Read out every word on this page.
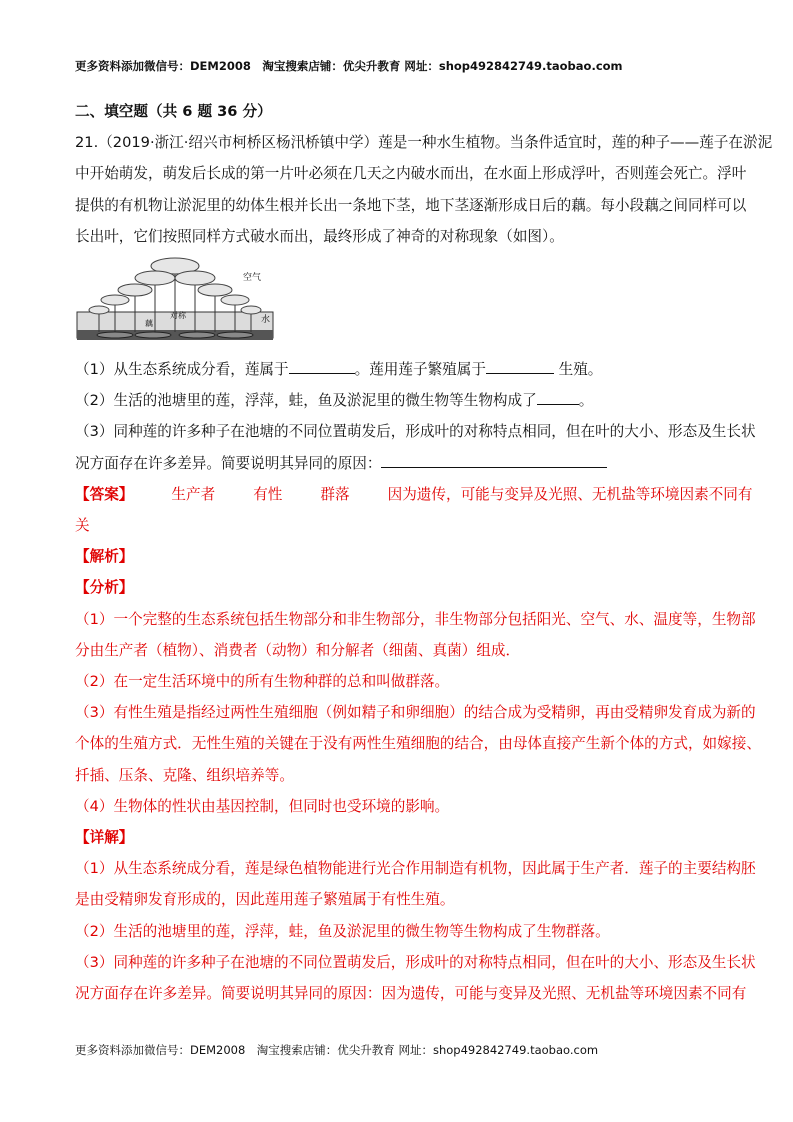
更多资料添加微信号：DEM2008　淘宝搜索店铺：优尖升教育 网址：shop492842749.taobao.com
二、填空题（共 6 题 36 分）
21.（2019·浙江·绍兴市柯桥区杨汛桥镇中学）莲是一种水生植物。当条件适宜时，莲的种子——莲子在淤泥
中开始萌发，萌发后长成的第一片叶必须在几天之内破水而出，在水面上形成浮叶，否则莲会死亡。浮叶
提供的有机物让淤泥里的幼体生根并长出一条地下茎，地下茎逐渐形成日后的藕。每小段藕之间同样可以
长出叶，它们按照同样方式破水而出，最终形成了神奇的对称现象（如图）。
空气
水
藕
对称
（1）从生态系统成分看，莲属于	。莲用莲子繁殖属于	生殖。
（2）生活的池塘里的莲，浮萍，蛙，鱼及淤泥里的微生物等生物构成了	。
（3）同种莲的许多种子在池塘的不同位置萌发后，形成叶的对称特点相同，但在叶的大小、形态及生长状
况方面存在许多差异。简要说明其异同的原因：
【答案】	生产者	有性	群落	因为遗传，可能与变异及光照、无机盐等环境因素不同有
关
【解析】
【分析】
（1）一个完整的生态系统包括生物部分和非生物部分，非生物部分包括阳光、空气、水、温度等，生物部
分由生产者（植物）、消费者（动物）和分解者（细菌、真菌）组成．
（2）在一定生活环境中的所有生物种群的总和叫做群落。
（3）有性生殖是指经过两性生殖细胞（例如精子和卵细胞）的结合成为受精卵，再由受精卵发育成为新的
个体的生殖方式．无性生殖的关键在于没有两性生殖细胞的结合，由母体直接产生新个体的方式，如嫁接、
扦插、压条、克隆、组织培养等。
（4）生物体的性状由基因控制，但同时也受环境的影响。
【详解】
（1）从生态系统成分看，莲是绿色植物能进行光合作用制造有机物，因此属于生产者．莲子的主要结构胚
是由受精卵发育形成的，因此莲用莲子繁殖属于有性生殖。
（2）生活的池塘里的莲，浮萍，蛙，鱼及淤泥里的微生物等生物构成了生物群落。
（3）同种莲的许多种子在池塘的不同位置萌发后，形成叶的对称特点相同，但在叶的大小、形态及生长状
况方面存在许多差异。简要说明其异同的原因：因为遗传，可能与变异及光照、无机盐等环境因素不同有
更多资料添加微信号：DEM2008　淘宝搜索店铺：优尖升教育 网址：shop492842749.taobao.com
